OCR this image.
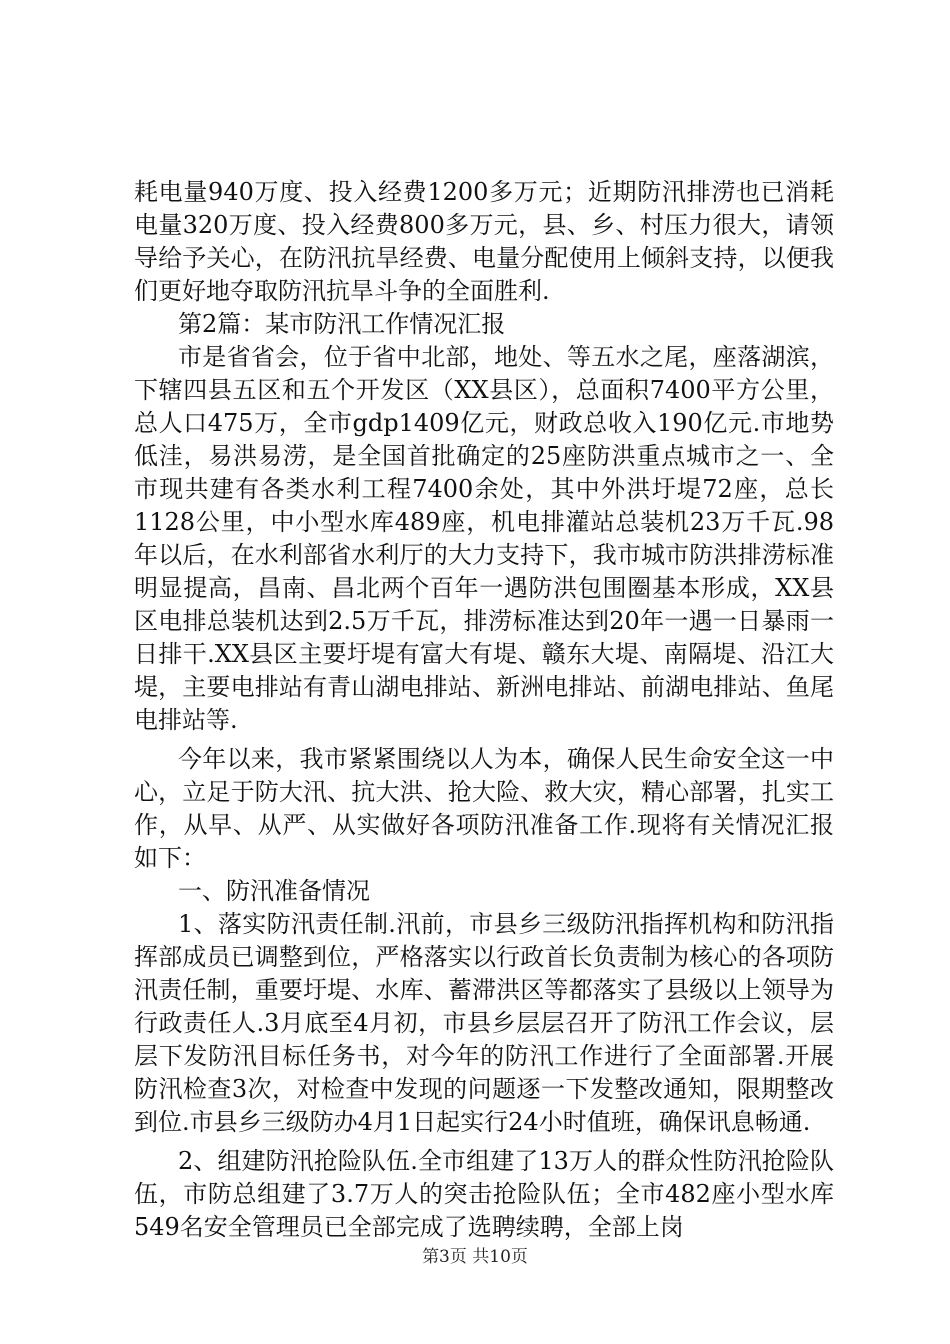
耗电量940万度、投入经费1200多万元；近期防汛排涝也已消耗电量320万度、投入经费800多万元，县、乡、村压力很大，请领导给予关心，在防汛抗旱经费、电量分配使用上倾斜支持，以便我们更好地夺取防汛抗旱斗争的全面胜利.

第2篇：某市防汛工作情况汇报

市是省省会，位于省中北部，地处、等五水之尾，座落湖滨，下辖四县五区和五个开发区（XX县区），总面积7400平方公里，总人口475万，全市gdp1409亿元，财政总收入190亿元.市地势低洼，易洪易涝，是全国首批确定的25座防洪重点城市之一、全市现共建有各类水利工程7400余处，其中外洪圩堤72座，总长1128公里，中小型水库489座，机电排灌站总装机23万千瓦.98年以后，在水利部省水利厅的大力支持下，我市城市防洪排涝标准明显提高，昌南、昌北两个百年一遇防洪包围圈基本形成，XX县区电排总装机达到2.5万千瓦，排涝标准达到20年一遇一日暴雨一日排干.XX县区主要圩堤有富大有堤、赣东大堤、南隔堤、沿江大堤，主要电排站有青山湖电排站、新洲电排站、前湖电排站、鱼尾电排站等.

今年以来，我市紧紧围绕以人为本，确保人民生命安全这一中心，立足于防大汛、抗大洪、抢大险、救大灾，精心部署，扎实工作，从早、从严、从实做好各项防汛准备工作.现将有关情况汇报如下：

一、防汛准备情况

1、落实防汛责任制.汛前，市县乡三级防汛指挥机构和防汛指挥部成员已调整到位，严格落实以行政首长负责制为核心的各项防汛责任制，重要圩堤、水库、蓄滞洪区等都落实了县级以上领导为行政责任人.3月底至4月初，市县乡层层召开了防汛工作会议，层层下发防汛目标任务书，对今年的防汛工作进行了全面部署.开展防汛检查3次，对检查中发现的问题逐一下发整改通知，限期整改到位.市县乡三级防办4月1日起实行24小时值班，确保讯息畅通.

2、组建防汛抢险队伍.全市组建了13万人的群众性防汛抢险队伍，市防总组建了3.7万人的突击抢险队伍；全市482座小型水库549名安全管理员已全部完成了选聘续聘，全部上岗

第3页 共10页
